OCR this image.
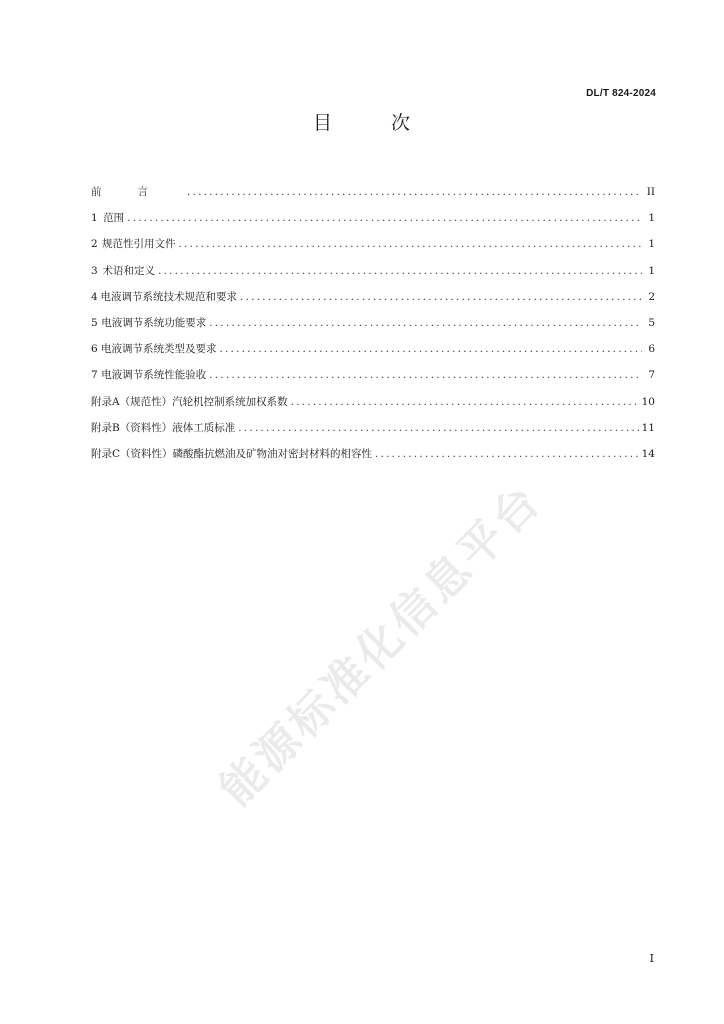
DL/T 824-2024
目	次
前言 .....	II
1 范围 .....	1
2 规范性引用文件 .....	1
3 术语和定义 .....	1
4 电液调节系统技术规范和要求 .....	2
5 电液调节系统功能要求 .....	5
6 电液调节系统类型及要求 .....	6
7 电液调节系统性能验收 .....	7
附录A（规范性）汽轮机控制系统加权系数 .....	10
附录B（资料性）液体工质标准 .....	11
附录C（资料性）磷酸酯抗燃油及矿物油对密封材料的相容性 .....	14
能源标准化信息平台
I
